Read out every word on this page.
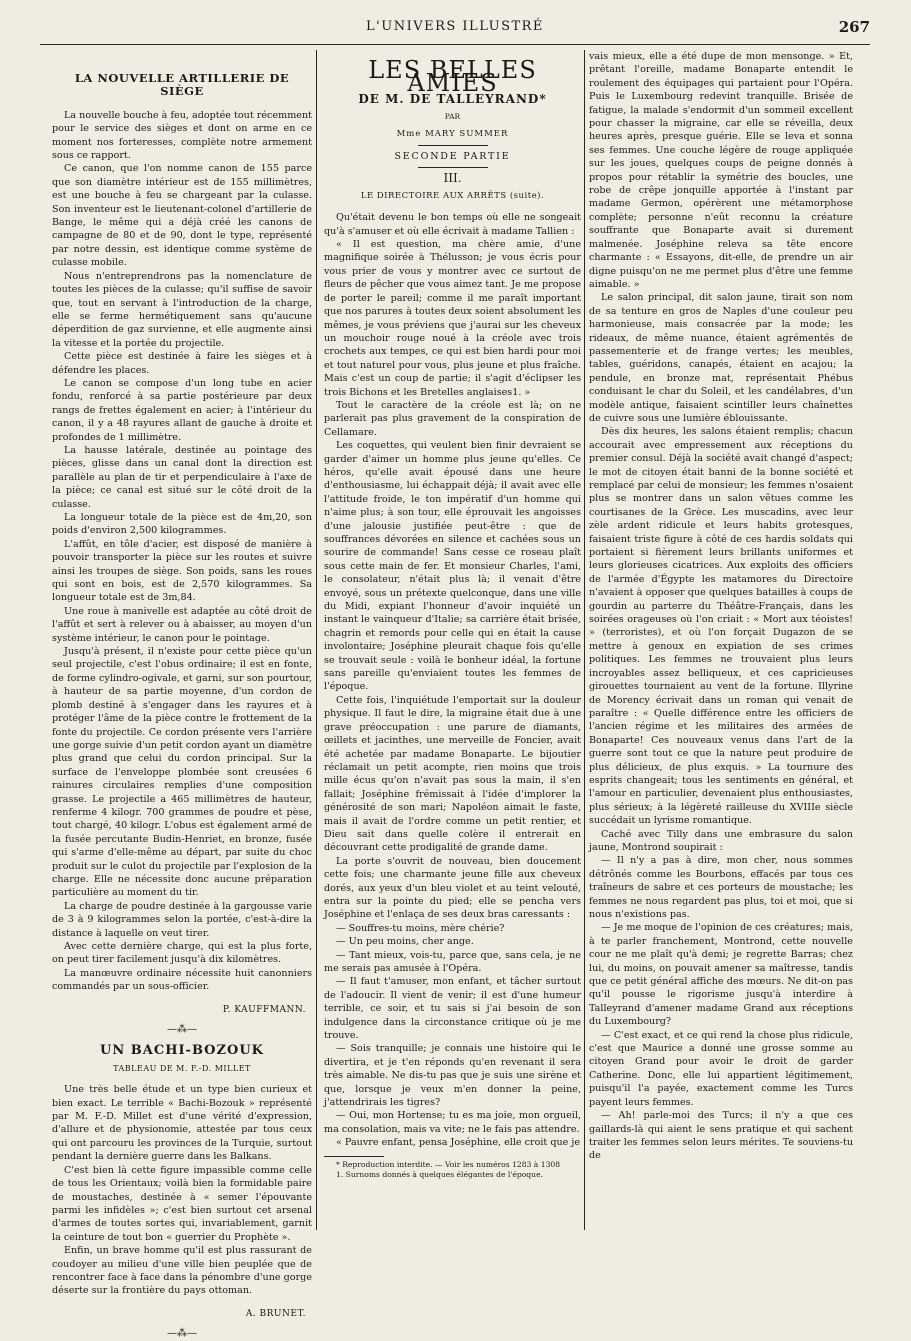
L'UNIVERS ILLUSTRÉ	267
LA NOUVELLE ARTILLERIE DE SIÈGE

La nouvelle bouche à feu, adoptée tout récemment pour le service des sièges et dont on arme en ce moment nos forteresses, complète notre armement sous ce rapport.

Ce canon, que l'on nomme canon de 155 parce que son diamètre intérieur est de 155 millimètres, est une bouche à feu se chargeant par la culasse. Son inventeur est le lieutenant-colonel d'artillerie de Bange, le même qui a déjà créé les canons de campagne de 80 et de 90, dont le type, représenté par notre dessin, est identique comme système de culasse mobile.

Nous n'entreprendrons pas la nomenclature de toutes les pièces de la culasse; qu'il suffise de savoir que, tout en servant à l'introduction de la charge, elle se ferme hermétiquement sans qu'aucune déperdition de gaz survienne, et elle augmente ainsi la vitesse et la portée du projectile.

Cette pièce est destinée à faire les sièges et à défendre les places.

Le canon se compose d'un long tube en acier fondu, renforcé à sa partie postérieure par deux rangs de frettes également en acier; à l'intérieur du canon, il y a 48 rayures allant de gauche à droite et profondes de 1 millimètre.

La hausse latérale, destinée au pointage des pièces, glisse dans un canal dont la direction est parallèle au plan de tir et perpendiculaire à l'axe de la pièce; ce canal est situé sur le côté droit de la culasse.

La longueur totale de la pièce est de 4m,20, son poids d'environ 2,500 kilogrammes.

L'affût, en tôle d'acier, est disposé de manière à pouvoir transporter la pièce sur les routes et suivre ainsi les troupes de siège. Son poids, sans les roues qui sont en bois, est de 2,570 kilogrammes. Sa longueur totale est de 3m,84.

Une roue à manivelle est adaptée au côté droit de l'affût et sert à relever ou à abaisser, au moyen d'un système intérieur, le canon pour le pointage.

Jusqu'à présent, il n'existe pour cette pièce qu'un seul projectile, c'est l'obus ordinaire; il est en fonte, de forme cylindro-ogivale, et garni, sur son pourtour, à hauteur de sa partie moyenne, d'un cordon de plomb destiné à s'engager dans les rayures et à protéger l'âme de la pièce contre le frottement de la fonte du projectile. Ce cordon présente vers l'arrière une gorge suivie d'un petit cordon ayant un diamètre plus grand que celui du cordon principal. Sur la surface de l'enveloppe plombée sont creusées 6 rainures circulaires remplies d'une composition grasse. Le projectile a 465 millimètres de hauteur, renferme 4 kilogr. 700 grammes de poudre et pèse, tout chargé, 40 kilogr. L'obus est également armé de la fusée percutante Budin-Henriet, en bronze, fusée qui s'arme d'elle-même au départ, par suite du choc produit sur le culot du projectile par l'explosion de la charge. Elle ne nécessite donc aucune préparation particulière au moment du tir.

La charge de poudre destinée à la gargousse varie de 3 à 9 kilogrammes selon la portée, c'est-à-dire la distance à laquelle on veut tirer.

Avec cette dernière charge, qui est la plus forte, on peut tirer facilement jusqu'à dix kilomètres.

La manœuvre ordinaire nécessite huit canonniers commandés par un sous-officier.

P. KAUFFMANN.
—⁂—
UN BACHI-BOZOUK
TABLEAU DE M. F.-D. MILLET

Une très belle étude et un type bien curieux et bien exact. Le terrible « Bachi-Bozouk » représenté par M. F.-D. Millet est d'une vérité d'expression, d'allure et de physionomie, attestée par tous ceux qui ont parcouru les provinces de la Turquie, surtout pendant la dernière guerre dans les Balkans.

C'est bien là cette figure impassible comme celle de tous les Orientaux; voilà bien la formidable paire de moustaches, destinée à « semer l'épouvante parmi les infidèles »; c'est bien surtout cet arsenal d'armes de toutes sortes qui, invariablement, garnit la ceinture de tout bon « guerrier du Prophète ».

Enfin, un brave homme qu'il est plus rassurant de coudoyer au milieu d'une ville bien peuplée que de rencontrer face à face dans la pénombre d'une gorge déserte sur la frontière du pays ottoman.

A. BRUNET.
—⁂—
LES BELLES AMIES
DE M. DE TALLEYRAND*
PAR
Mme MARY SUMMER
SECONDE PARTIE
III.
LE DIRECTOIRE AUX ARRÊTS (suite).

Qu'était devenu le bon temps où elle ne songeait qu'à s'amuser et où elle écrivait à madame Tallien :

« Il est question, ma chère amie, d'une magnifique soirée à Thélusson; je vous écris pour vous prier de vous y montrer avec ce surtout de fleurs de pêcher que vous aimez tant. Je me propose de porter le pareil; comme il me paraît important que nos parures à toutes deux soient absolument les mêmes, je vous préviens que j'aurai sur les cheveux un mouchoir rouge noué à la créole avec trois crochets aux tempes, ce qui est bien hardi pour moi et tout naturel pour vous, plus jeune et plus fraîche. Mais c'est un coup de partie; il s'agit d'éclipser les trois Bichons et les Bretelles anglaises1. »

Tout le caractère de la créole est là; on ne parlerait pas plus gravement de la conspiration de Cellamare.

Les coquettes, qui veulent bien finir devraient se garder d'aimer un homme plus jeune qu'elles. Ce héros, qu'elle avait épousé dans une heure d'enthousiasme, lui échappait déjà; il avait avec elle l'attitude froide, le ton impératif d'un homme qui n'aime plus; à son tour, elle éprouvait les angoisses d'une jalousie justifiée peut-être : que de souffrances dévorées en silence et cachées sous un sourire de commande! Sans cesse ce roseau plaît sous cette main de fer. Et monsieur Charles, l'ami, le consolateur, n'était plus là; il venait d'être envoyé, sous un prétexte quelconque, dans une ville du Midi, expiant l'honneur d'avoir inquiété un instant le vainqueur d'Italie; sa carrière était brisée, chagrin et remords pour celle qui en était la cause involontaire; Joséphine pleurait chaque fois qu'elle se trouvait seule : voilà le bonheur idéal, la fortune sans pareille qu'enviaient toutes les femmes de l'époque.

Cette fois, l'inquiétude l'emportait sur la douleur physique. Il faut le dire, la migraine était due à une grave préoccupation : une parure de diamants, œillets et jacinthes, une merveille de Foncier, avait été achetée par madame Bonaparte. Le bijoutier réclamait un petit acompte, rien moins que trois mille écus qu'on n'avait pas sous la main, il s'en fallait; Joséphine frémissait à l'idée d'implorer la générosité de son mari; Napoléon aimait le faste, mais il avait de l'ordre comme un petit rentier, et Dieu sait dans quelle colère il entrerait en découvrant cette prodigalité de grande dame.

La porte s'ouvrit de nouveau, bien doucement cette fois; une charmante jeune fille aux cheveux dorés, aux yeux d'un bleu violet et au teint velouté, entra sur la pointe du pied; elle se pencha vers Joséphine et l'enlaça de ses deux bras caressants :

— Souffres-tu moins, mère chérie?

— Un peu moins, cher ange.

— Tant mieux, vois-tu, parce que, sans cela, je ne me serais pas amusée à l'Opéra.

— Il faut t'amuser, mon enfant, et tâcher surtout de l'adoucir. Il vient de venir; il est d'une humeur terrible, ce soir, et tu sais si j'ai besoin de son indulgence dans la circonstance critique où je me trouve.

— Sois tranquille; je connais une histoire qui le divertira, et je t'en réponds qu'en revenant il sera très aimable. Ne dis-tu pas que je suis une sirène et que, lorsque je veux m'en donner la peine, j'attendrirais les tigres?

— Oui, mon Hortense; tu es ma joie, mon orgueil, ma consolation, mais va vite; ne le fais pas attendre.

« Pauvre enfant, pensa Joséphine, elle croit que je

* Reproduction interdite. — Voir les numéros 1283 à 1308

1. Surnoms donnés à quelques élégantes de l'époque.

vais mieux, elle a été dupe de mon mensonge. » Et, prêtant l'oreille, madame Bonaparte entendit le roulement des équipages qui partaient pour l'Opéra. Puis le Luxembourg redevint tranquille. Brisée de fatigue, la malade s'endormit d'un sommeil excellent pour chasser la migraine, car elle se réveilla, deux heures après, presque guérie. Elle se leva et sonna ses femmes. Une couche légère de rouge appliquée sur les joues, quelques coups de peigne donnés à propos pour rétablir la symétrie des boucles, une robe de crêpe jonquille apportée à l'instant par madame Germon, opérèrent une métamorphose complète; personne n'eût reconnu la créature souffrante que Bonaparte avait si durement malmenée. Joséphine releva sa tête encore charmante : « Essayons, dit-elle, de prendre un air digne puisqu'on ne me permet plus d'être une femme aimable. »

Le salon principal, dit salon jaune, tirait son nom de sa tenture en gros de Naples d'une couleur peu harmonieuse, mais consacrée par la mode; les rideaux, de même nuance, étaient agrémentés de passementerie et de frange vertes; les meubles, tables, guéridons, canapés, étaient en acajou; la pendule, en bronze mat, représentait Phébus conduisant le char du Soleil, et les candélabres, d'un modèle antique, faisaient scintiller leurs chaînettes de cuivre sous une lumière éblouissante.

Dès dix heures, les salons étaient remplis; chacun accourait avec empressement aux réceptions du premier consul. Déjà la société avait changé d'aspect; le mot de citoyen était banni de la bonne société et remplacé par celui de monsieur; les femmes n'osaient plus se montrer dans un salon vêtues comme les courtisanes de la Grèce. Les muscadins, avec leur zèle ardent ridicule et leurs habits grotesques, faisaient triste figure à côté de ces hardis soldats qui portaient si fièrement leurs brillants uniformes et leurs glorieuses cicatrices. Aux exploits des officiers de l'armée d'Égypte les matamores du Directoire n'avaient à opposer que quelques batailles à coups de gourdin au parterre du Théâtre-Français, dans les soirées orageuses où l'on criait : « Mort aux téoistes! » (terroristes), et où l'on forçait Dugazon de se mettre à genoux en expiation de ses crimes politiques. Les femmes ne trouvaient plus leurs incroyables assez belliqueux, et ces capricieuses girouettes tournaient au vent de la fortune. Illyrine de Morency écrivait dans un roman qui venait de paraître : « Quelle différence entre les officiers de l'ancien régime et les militaires des armées de Bonaparte! Ces nouveaux venus dans l'art de la guerre sont tout ce que la nature peut produire de plus délicieux, de plus exquis. » La tournure des esprits changeait; tous les sentiments en général, et l'amour en particulier, devenaient plus enthousiastes, plus sérieux; à la légèreté railleuse du XVIIIe siècle succédait un lyrisme romantique.

Caché avec Tilly dans une embrasure du salon jaune, Montrond soupirait :

— Il n'y a pas à dire, mon cher, nous sommes détrônés comme les Bourbons, effacés par tous ces traîneurs de sabre et ces porteurs de moustache; les femmes ne nous regardent pas plus, toi et moi, que si nous n'existions pas.

— Je me moque de l'opinion de ces créatures; mais, à te parler franchement, Montrond, cette nouvelle cour ne me plaît qu'à demi; je regrette Barras; chez lui, du moins, on pouvait amener sa maîtresse, tandis que ce petit général affiche des mœurs. Ne dit-on pas qu'il pousse le rigorisme jusqu'à interdire à Talleyrand d'amener madame Grand aux réceptions du Luxembourg?

— C'est exact, et ce qui rend la chose plus ridicule, c'est que Maurice a donné une grosse somme au citoyen Grand pour avoir le droit de garder Catherine. Donc, elle lui appartient légitimement, puisqu'il l'a payée, exactement comme les Turcs payent leurs femmes.

— Ah! parle-moi des Turcs; il n'y a que ces gaillards-là qui aient le sens pratique et qui sachent traiter les femmes selon leurs mérites. Te souviens-tu de
